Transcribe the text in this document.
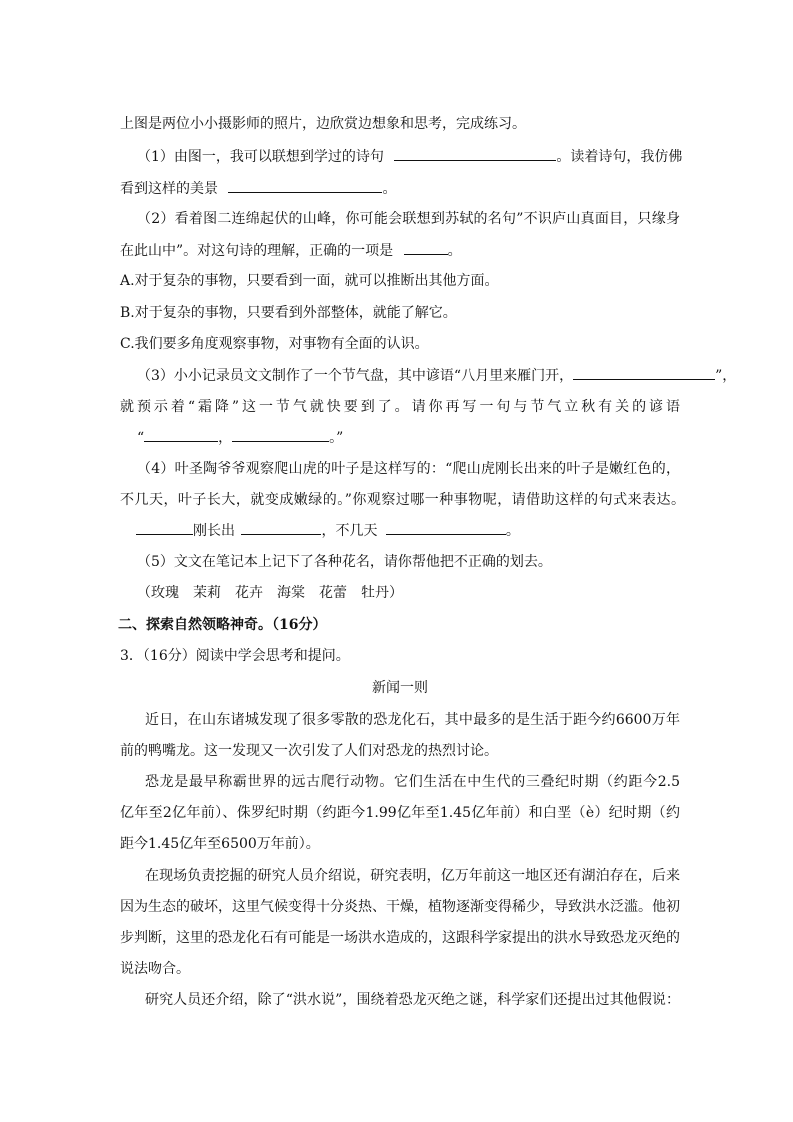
上图是两位小小摄影师的照片，边欣赏边想象和思考，完成练习。
（1）由图一，我可以联想到学过的诗句	。读着诗句，我仿佛
看到这样的美景	。
（2）看着图二连绵起伏的山峰，你可能会联想到苏轼的名句”不识庐山真面目，只缘身
在此山中”。对这句诗的理解，正确的一项是	。
A.对于复杂的事物，只要看到一面，就可以推断出其他方面。
B.对于复杂的事物，只要看到外部整体，就能了解它。
C.我们要多角度观察事物，对事物有全面的认识。
（3）小小记录员文文制作了一个节气盘，其中谚语“八月里来雁门开，	”，
就预示着“霜降”这一节气就快要到了。请你再写一句与节气立秋有关的谚语
“	，	。”
（4）叶圣陶爷爷观察爬山虎的叶子是这样写的：“爬山虎刚长出来的叶子是嫩红色的，
不几天，叶子长大，就变成嫩绿的。”你观察过哪一种事物呢，请借助这样的句式来表达。
刚长出	，不几天	。
（5）文文在笔记本上记下了各种花名，请你帮他把不正确的划去。
（玫瑰　茉莉　花卉　海棠　花蕾　牡丹）
二、探索自然领略神奇。（16分）
3．（16分）阅读中学会思考和提问。
新闻一则
近日，在山东诸城发现了很多零散的恐龙化石，其中最多的是生活于距今约6600万年
前的鸭嘴龙。这一发现又一次引发了人们对恐龙的热烈讨论。
恐龙是最早称霸世界的远古爬行动物。它们生活在中生代的三叠纪时期（约距今2.5
亿年至2亿年前）、侏罗纪时期（约距今1.99亿年至1.45亿年前）和白垩（è）纪时期（约
距今1.45亿年至6500万年前）。
在现场负责挖掘的研究人员介绍说，研究表明，亿万年前这一地区还有湖泊存在，后来
因为生态的破坏，这里气候变得十分炎热、干燥，植物逐渐变得稀少，导致洪水泛滥。他初
步判断，这里的恐龙化石有可能是一场洪水造成的，这跟科学家提出的洪水导致恐龙灭绝的
说法吻合。
研究人员还介绍，除了“洪水说”，围绕着恐龙灭绝之谜，科学家们还提出过其他假说：
